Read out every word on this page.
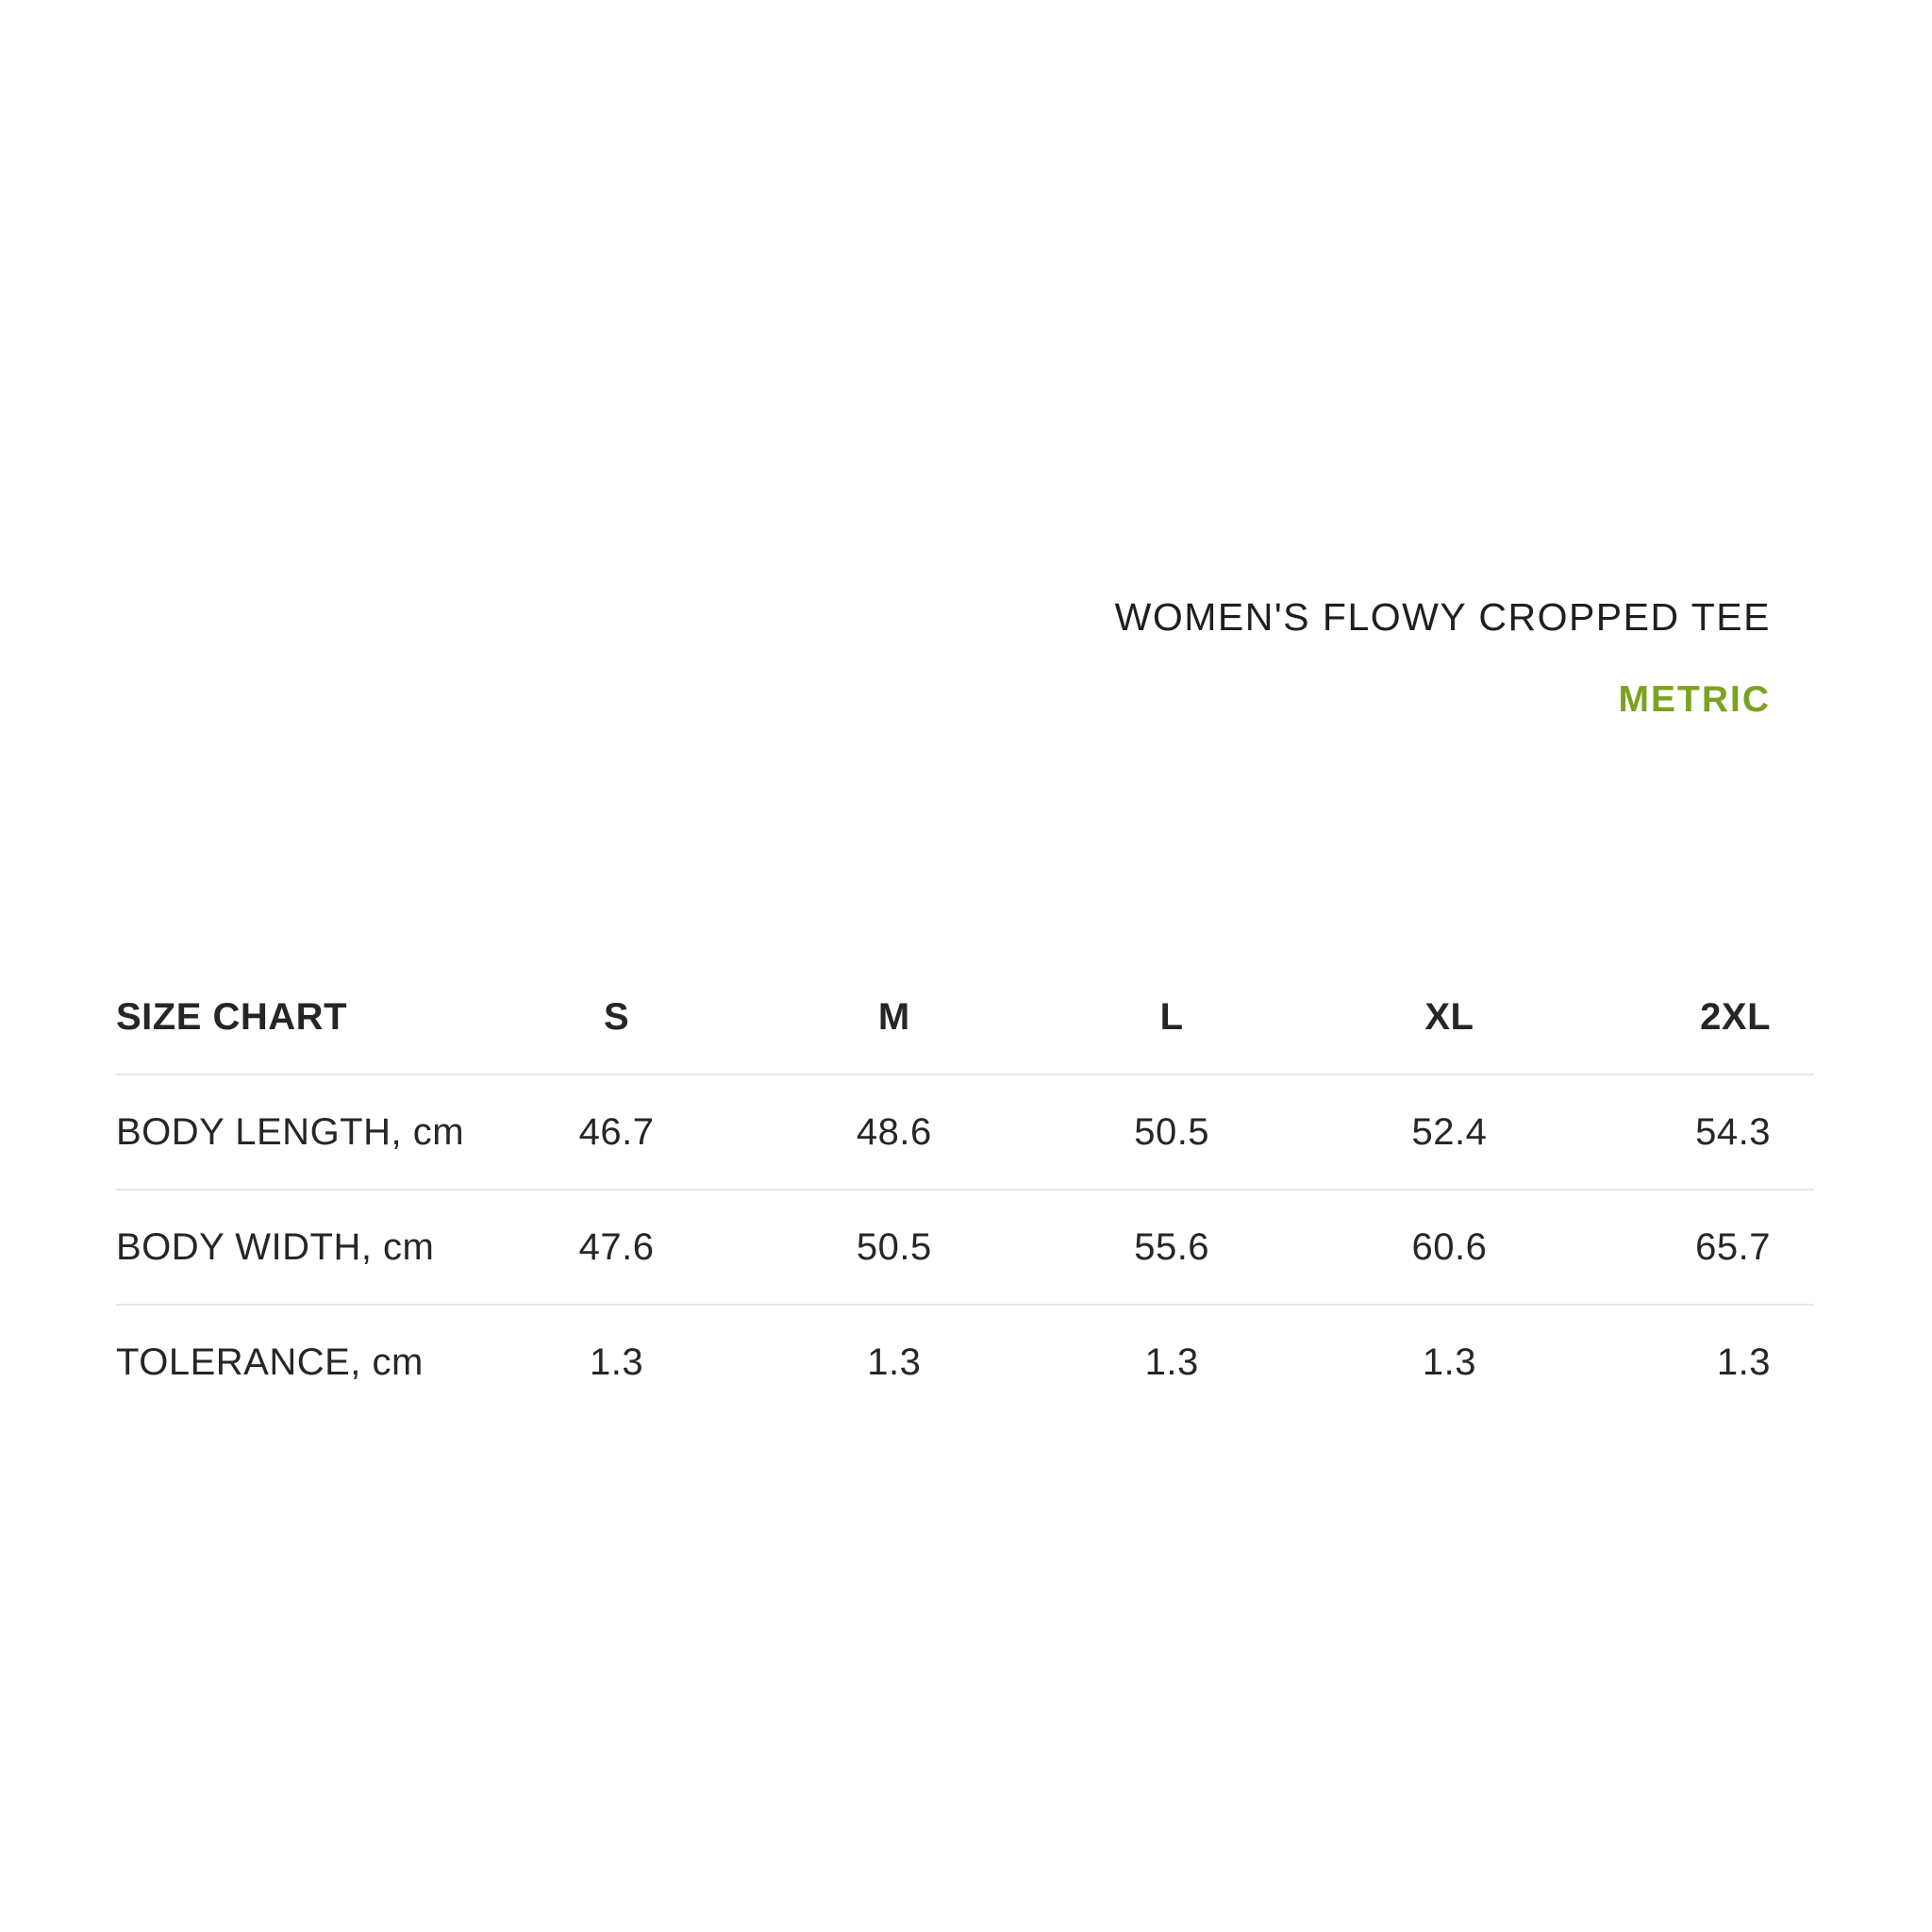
WOMEN'S FLOWY CROPPED TEE
METRIC
SIZE CHART	S	M	L	XL	2XL
BODY LENGTH, cm	46.7	48.6	50.5	52.4	54.3
BODY WIDTH, cm	47.6	50.5	55.6	60.6	65.7
TOLERANCE, cm	1.3	1.3	1.3	1.3	1.3
